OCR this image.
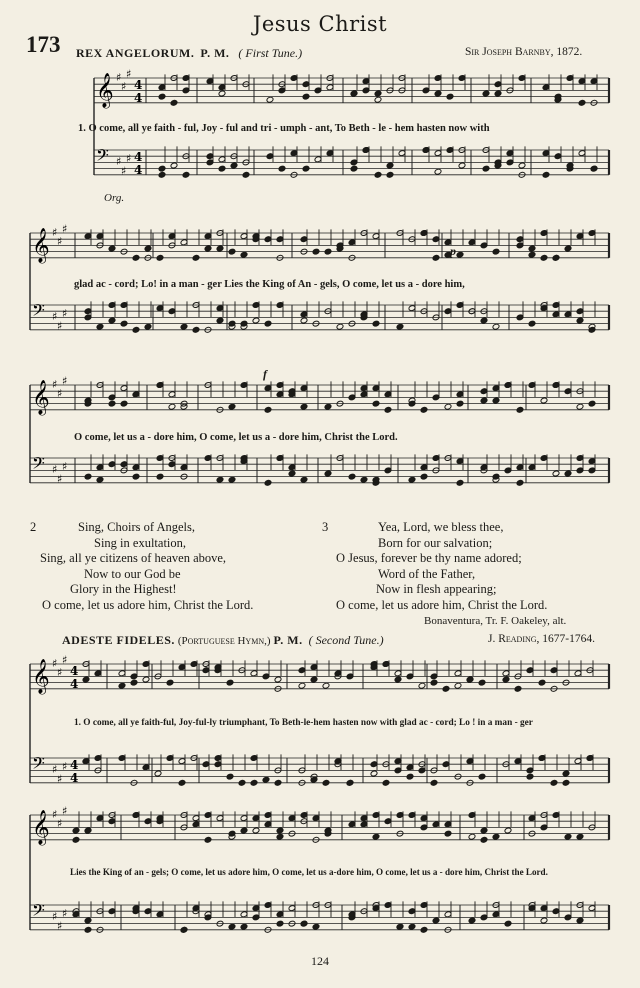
Jesus Christ
173 REX ANGELORUM. P. M. ( First Tune.)	Sir Joseph Barnby, 1872.
𝄞 ♯
♯
♯
4
4
𝄢 ♯
♯
♯ 4
4
𝄞 ♯
♯
♯
𝄢 ♯
♯
♯
𝄞 ♯
♯
♯
𝄢 ♯
♯
♯
𝄞 ♯
♯
♯
4
4
𝄢 ♯
♯
♯ 4
4
𝄞 ♯
♯
♯
𝄢 ♯
♯
♯
1. O come, all ye faith - ful, Joy - ful and tri - umph - ant, To Beth - le - hem hasten now with
Org.
glad ac - cord; Lo! in a man - ger Lies the King of An - gels, O come, let us a - dore him,
O come, let us a - dore him, O come, let us a - dore him, Christ the Lord.
p
f
2	Sing, Choirs of Angels,
Sing in exultation,
Sing, all ye citizens of heaven above,
Now to our God be
Glory in the Highest!
O come, let us adore him, Christ the Lord.
3	Yea, Lord, we bless thee,
Born for our salvation;
O Jesus, forever be thy name adored;
Word of the Father,
Now in flesh appearing;
O come, let us adore him, Christ the Lord.
Bonaventura, Tr. F. Oakeley, alt.
ADESTE FIDELES. (Portuguese Hymn,) P. M. ( Second Tune.)	J. Reading, 1677-1764.
1. O come, all ye faith-ful, Joy-ful-ly triumphant, To Beth-le-hem hasten now with glad ac - cord; Lo ! in a man - ger
Lies the King of an - gels; O come, let us adore him, O come, let us a-dore him, O come, let us a - dore him, Christ the Lord.
124
